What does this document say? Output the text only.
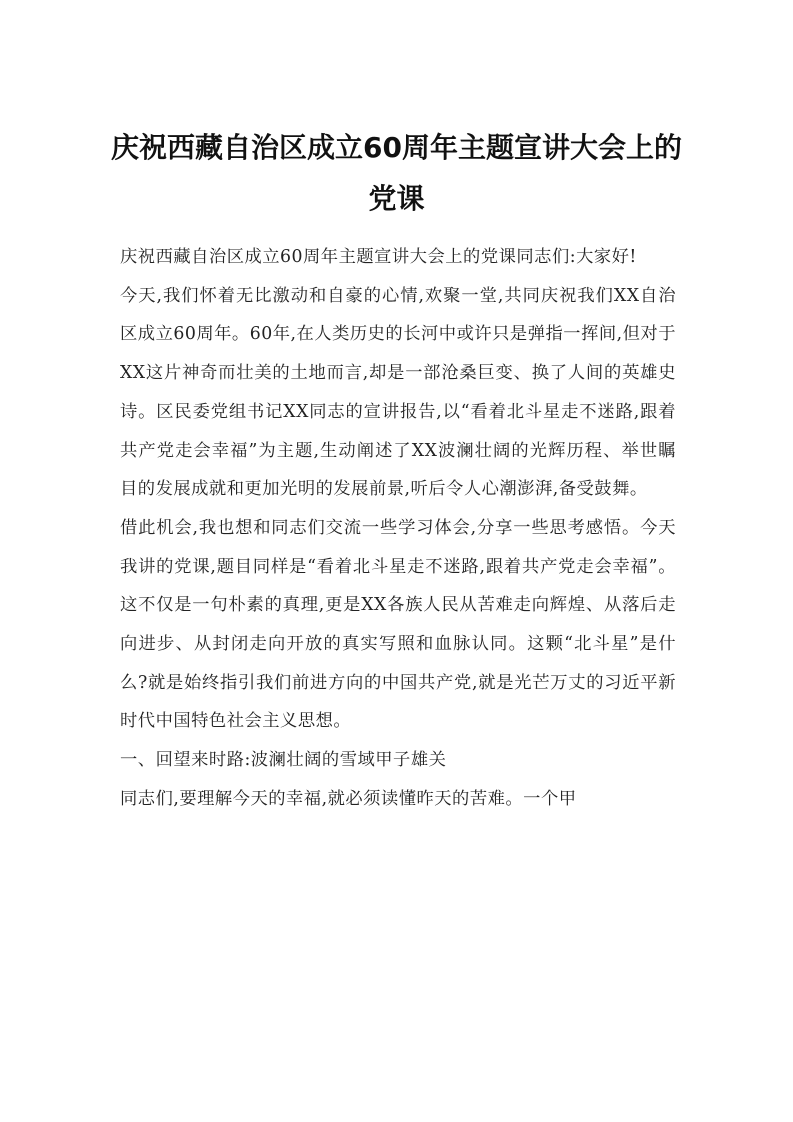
庆祝西藏自治区成立60周年主题宣讲大会上的党课

庆祝西藏自治区成立60周年主题宣讲大会上的党课同志们:大家好!

今天,我们怀着无比激动和自豪的心情,欢聚一堂,共同庆祝我们XX自治区成立60周年。60年,在人类历史的长河中或许只是弹指一挥间,但对于XX这片神奇而壮美的土地而言,却是一部沧桑巨变、换了人间的英雄史诗。区民委党组书记XX同志的宣讲报告,以“看着北斗星走不迷路,跟着共产党走会幸福”为主题,生动阐述了XX波澜壮阔的光辉历程、举世瞩目的发展成就和更加光明的发展前景,听后令人心潮澎湃,备受鼓舞。

借此机会,我也想和同志们交流一些学习体会,分享一些思考感悟。今天我讲的党课,题目同样是“看着北斗星走不迷路,跟着共产党走会幸福”。这不仅是一句朴素的真理,更是XX各族人民从苦难走向辉煌、从落后走向进步、从封闭走向开放的真实写照和血脉认同。这颗“北斗星”是什么?就是始终指引我们前进方向的中国共产党,就是光芒万丈的习近平新时代中国特色社会主义思想。

一、回望来时路:波澜壮阔的雪域甲子雄关

同志们,要理解今天的幸福,就必须读懂昨天的苦难。一个甲
